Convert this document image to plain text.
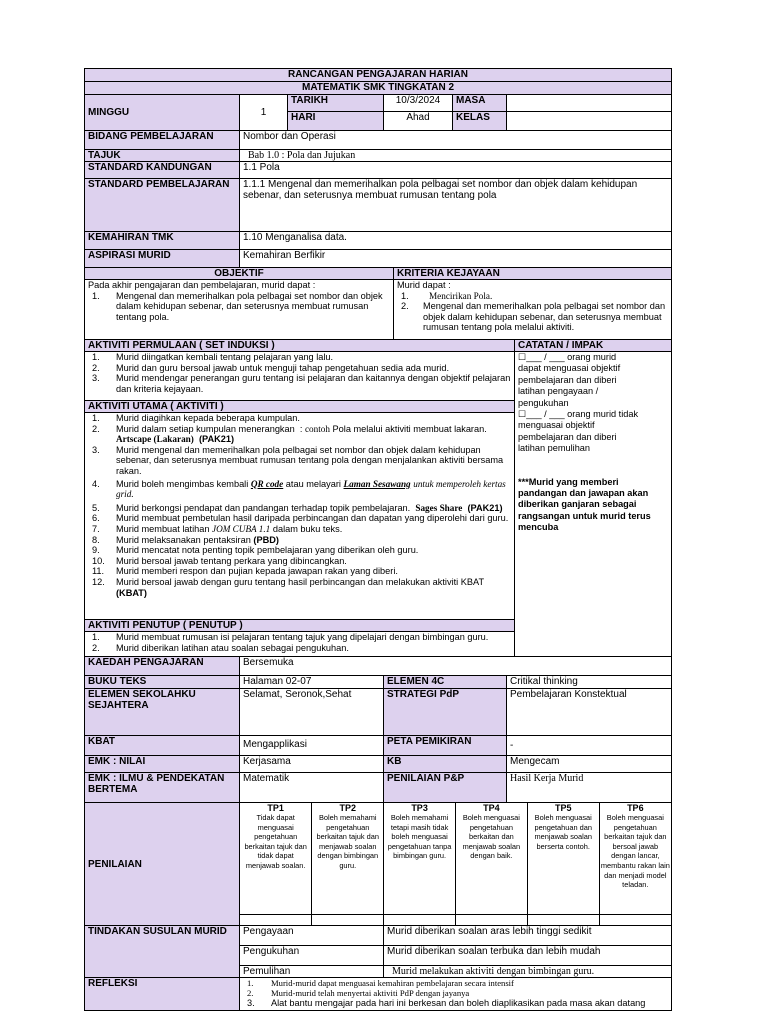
RANCANGAN PENGAJARAN HARIAN
MATEMATIK SMK TINGKATAN 2
MINGGU	1	TARIKH	10/3/2024	MASA	
HARI	Ahad	KELAS	
BIDANG PEMBELAJARAN	Nombor dan Operasi
TAJUK	Bab 1.0 : Pola dan Jujukan
STANDARD KANDUNGAN	1.1 Pola
STANDARD PEMBELAJARAN	1.1.1 Mengenal dan memerihalkan pola pelbagai set nombor dan objek dalam kehidupan sebenar, dan seterusnya membuat rumusan tentang pola
KEMAHIRAN TMK	1.10 Menganalisa data.
ASPIRASI MURID	Kemahiran Berfikir
OBJEKTIF	KRITERIA KEJAYAAN

Pada akhir pengajaran dan pembelajaran, murid dapat :
1. Mengenal dan memerihalkan pola pelbagai set nombor dan objek dalam kehidupan sebenar, dan seterusnya membuat rumusan tentang pola.

Murid dapat :
1. Mencirikan Pola.
2. Mengenal dan memerihalkan pola pelbagai set nombor dan objek dalam kehidupan sebenar, dan seterusnya membuat rumusan tentang pola melalui aktiviti.

AKTIVITI PERMULAAN ( SET INDUKSI )	CATATAN / IMPAK

1. Murid diingatkan kembali tentang pelajaran yang lalu.
2. Murid dan guru bersoal jawab untuk menguji tahap pengetahuan sedia ada murid.
3. Murid mendengar penerangan guru tentang isi pelajaran dan kaitannya dengan objektif pelajaran dan kriteria kejayaan.

☐___ / ___ orang murid dapat menguasai objektif pembelajaran dan diberi latihan pengayaan / pengukuhan
☐___ / ___ orang murid tidak menguasai objektif pembelajaran dan diberi latihan pemulihan
***Murid yang memberi pandangan dan jawapan akan diberikan ganjaran sebagai rangsangan untuk murid terus mencuba

AKTIVITI UTAMA ( AKTIVITI )

1. Murid diagihkan kepada beberapa kumpulan.
2. Murid dalam setiap kumpulan menerangkan  : contoh Pola melalui aktiviti membuat lakaran.
Artscape (Lakaran) (PAK21)
3. Murid mengenal dan memerihalkan pola pelbagai set nombor dan objek dalam kehidupan sebenar, dan seterusnya membuat rumusan tentang pola dengan menjalankan aktiviti bersama rakan.
4. Murid boleh mengimbas kembali QR code atau melayari Laman Sesawang untuk memperoleh kertas grid.
5. Murid berkongsi pendapat dan pandangan terhadap topik pembelajaran. Sages Share (PAK21)
6. Murid membuat pembetulan hasil daripada perbincangan dan dapatan yang diperolehi dari guru.
7. Murid membuat latihan JOM CUBA 1.1 dalam buku teks.
8. Murid melaksanakan pentaksiran (PBD)
9. Murid mencatat nota penting topik pembelajaran yang diberikan oleh guru.
10. Murid bersoal jawab tentang perkara yang dibincangkan.
11. Murid memberi respon dan pujian kepada jawapan rakan yang diberi.
12. Murid bersoal jawab dengan guru tentang hasil perbincangan dan melakukan aktiviti KBAT
(KBAT)

AKTIVITI PENUTUP ( PENUTUP )

1. Murid membuat rumusan isi pelajaran tentang tajuk yang dipelajari dengan bimbingan guru.
2. Murid diberikan latihan atau soalan sebagai pengukuhan.

KAEDAH PENGAJARAN	Bersemuka
BUKU TEKS	Halaman 02-07	ELEMEN 4C	Critikal thinking
ELEMEN SEKOLAHKU SEJAHTERA	Selamat, Seronok,Sehat	STRATEGI PdP	Pembelajaran Konstektual
KBAT	Mengapplikasi	PETA PEMIKIRAN	-
EMK : NILAI	Kerjasama	KB	Mengecam
EMK : ILMU & PENDEKATAN BERTEMA	Matematik	PENILAIAN P&P	Hasil Kerja Murid
PENILAIAN	
TP1
Tidak dapat menguasai pengetahuan berkaitan tajuk dan tidak dapat menjawab soalan.

TP2
Boleh memahami pengetahuan berkaitan tajuk dan menjawab soalan dengan bimbingan guru.

TP3
Boleh memahami tetapi masih tidak boleh menguasai pengetahuan tanpa bimbingan guru.

TP4
Boleh menguasai pengetahuan berkaitan dan menjawab soalan dengan baik.

TP5
Boleh menguasai pengetahuan dan menjawab soalan berserta contoh.

TP6
Boleh menguasai pengetahuan berkaitan tajuk dan bersoal jawab dengan lancar, membantu rakan lain dan menjadi model teladan.

TINDAKAN SUSULAN MURID	Pengayaan	Murid diberikan soalan aras lebih tinggi sedikit
Pengukuhan	Murid diberikan soalan terbuka dan lebih mudah
Pemulihan	Murid melakukan aktiviti dengan bimbingan guru.
REFLEKSI	1. Murid-murid dapat menguasai kemahiran pembelajaran secara intensif
2. Murid-murid telah menyertai aktiviti PdP dengan jayanya
3. Alat bantu mengajar pada hari ini berkesan dan boleh diaplikasikan pada masa akan datang
